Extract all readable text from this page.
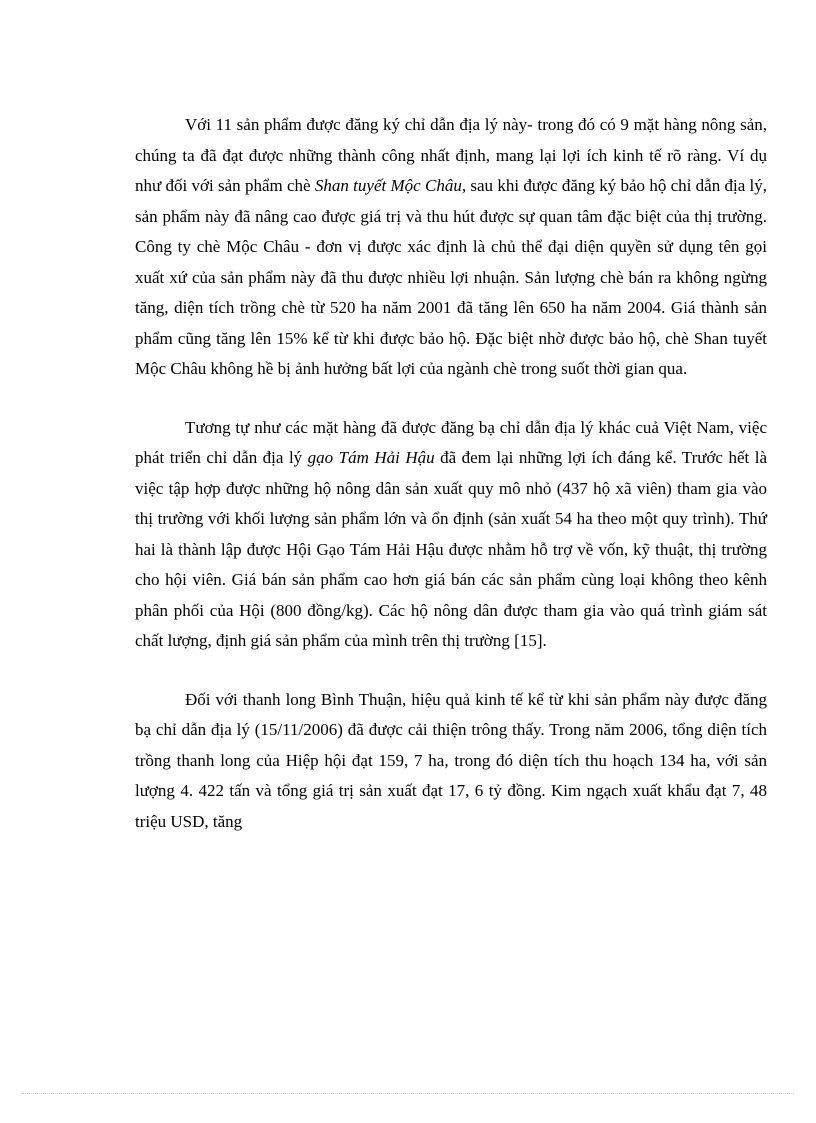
Với 11 sản phẩm được đăng ký chỉ dẫn địa lý này- trong đó có 9 mặt hàng nông sản, chúng ta đã đạt được những thành công nhất định, mang lại lợi ích kinh tế rõ ràng. Ví dụ như đối với sản phẩm chè Shan tuyết Mộc Châu, sau khi được đăng ký bảo hộ chỉ dẫn địa lý, sản phẩm này đã nâng cao được giá trị và thu hút được sự quan tâm đặc biệt của thị trường. Công ty chè Mộc Châu - đơn vị được xác định là chủ thể đại diện quyền sử dụng tên gọi xuất xứ của sản phẩm này đã thu được nhiều lợi nhuận. Sản lượng chè bán ra không ngừng tăng, diện tích trồng chè từ 520 ha năm 2001 đã tăng lên 650 ha năm 2004. Giá thành sản phẩm cũng tăng lên 15% kể từ khi được bảo hộ. Đặc biệt nhờ được bảo hộ, chè Shan tuyết Mộc Châu không hề bị ảnh hưởng bất lợi của ngành chè trong suốt thời gian qua.

Tương tự như các mặt hàng đã được đăng bạ chỉ dẫn địa lý khác cuả Việt Nam, việc phát triển chỉ dẫn địa lý gạo Tám Hải Hậu đã đem lại những lợi ích đáng kể. Trước hết là việc tập hợp được những hộ nông dân sản xuất quy mô nhỏ (437 hộ xã viên) tham gia vào thị trường với khối lượng sản phẩm lớn và ổn định (sản xuất 54 ha theo một quy trình). Thứ hai là thành lập được Hội Gạo Tám Hải Hậu được nhằm hỗ trợ về vốn, kỹ thuật, thị trường cho hội viên. Giá bán sản phẩm cao hơn giá bán các sản phẩm cùng loại không theo kênh phân phối của Hội (800 đồng/kg). Các hộ nông dân được tham gia vào quá trình giám sát chất lượng, định giá sản phẩm của mình trên thị trường [15].

Đối với thanh long Bình Thuận, hiệu quả kinh tế kể từ khi sản phẩm này được đăng bạ chỉ dẫn địa lý (15/11/2006) đã được cải thiện trông thấy. Trong năm 2006, tổng diện tích trồng thanh long của Hiệp hội đạt 159, 7 ha, trong đó diện tích thu hoạch 134 ha, với sản lượng 4. 422 tấn và tổng giá trị sản xuất đạt 17, 6 tỷ đồng. Kim ngạch xuất khẩu đạt 7, 48 triệu USD, tăng
